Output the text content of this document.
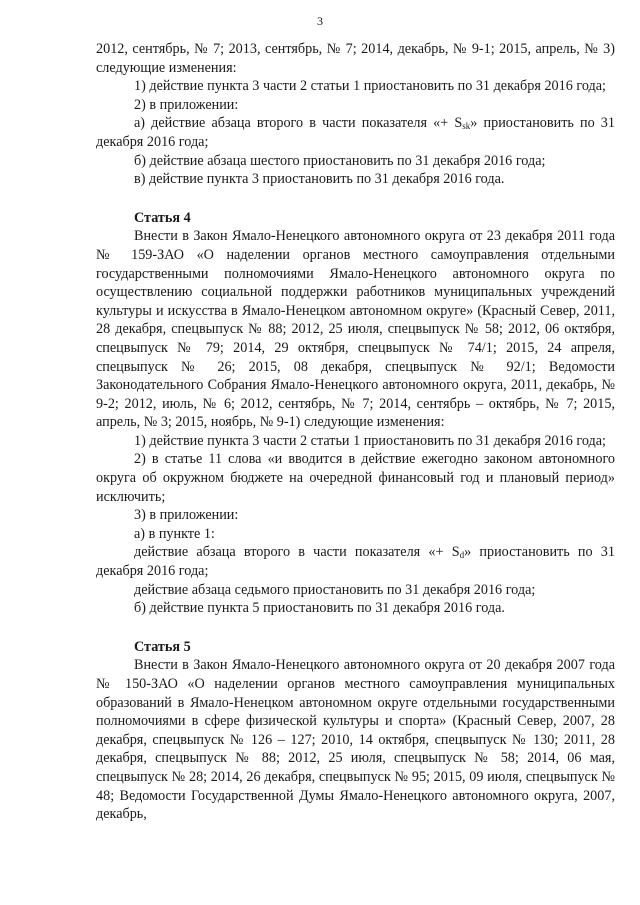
3

2012, сентябрь, № 7; 2013, сентябрь, № 7; 2014, декабрь, № 9-1; 2015, апрель, № 3) следующие изменения:

1) действие пункта 3 части 2 статьи 1 приостановить по 31 декабря 2016 года;

2) в приложении:

а) действие абзаца второго в части показателя «+ $S_{sk}$» приостановить по 31 декабря 2016 года;

б) действие абзаца шестого приостановить по 31 декабря 2016 года;

в) действие пункта 3 приостановить по 31 декабря 2016 года.

Статья 4

Внести в Закон Ямало-Ненецкого автономного округа от 23 декабря 2011 года № 159-ЗАО «О наделении органов местного самоуправления отдельными государственными полномочиями Ямало-Ненецкого автономного округа по осуществлению социальной поддержки работников муниципальных учреждений культуры и искусства в Ямало-Ненецком автономном округе» (Красный Север, 2011, 28 декабря, спецвыпуск № 88; 2012, 25 июля, спецвыпуск № 58; 2012, 06 октября, спецвыпуск № 79; 2014, 29 октября, спецвыпуск № 74/1; 2015, 24 апреля, спецвыпуск № 26; 2015, 08 декабря, спецвыпуск № 92/1; Ведомости Законодательного Собрания Ямало-Ненецкого автономного округа, 2011, декабрь, № 9-2; 2012, июль, № 6; 2012, сентябрь, № 7; 2014, сентябрь – октябрь, № 7; 2015, апрель, № 3; 2015, ноябрь, № 9-1) следующие изменения:

1) действие пункта 3 части 2 статьи 1 приостановить по 31 декабря 2016 года;

2) в статье 11 слова «и вводится в действие ежегодно законом автономного округа об окружном бюджете на очередной финансовый год и плановый период» исключить;

3) в приложении:

а) в пункте 1:

действие абзаца второго в части показателя «+ $S_d$» приостановить по 31 декабря 2016 года;

действие абзаца седьмого приостановить по 31 декабря 2016 года;

б) действие пункта 5 приостановить по 31 декабря 2016 года.

Статья 5

Внести в Закон Ямало-Ненецкого автономного округа от 20 декабря 2007 года № 150-ЗАО «О наделении органов местного самоуправления муниципальных образований в Ямало-Ненецком автономном округе отдельными государственными полномочиями в сфере физической культуры и спорта» (Красный Север, 2007, 28 декабря, спецвыпуск № 126 – 127; 2010, 14 октября, спецвыпуск № 130; 2011, 28 декабря, спецвыпуск № 88; 2012, 25 июля, спецвыпуск № 58; 2014, 06 мая, спецвыпуск № 28; 2014, 26 декабря, спецвыпуск № 95; 2015, 09 июля, спецвыпуск № 48; Ведомости Государственной Думы Ямало-Ненецкого автономного округа, 2007, декабрь,
